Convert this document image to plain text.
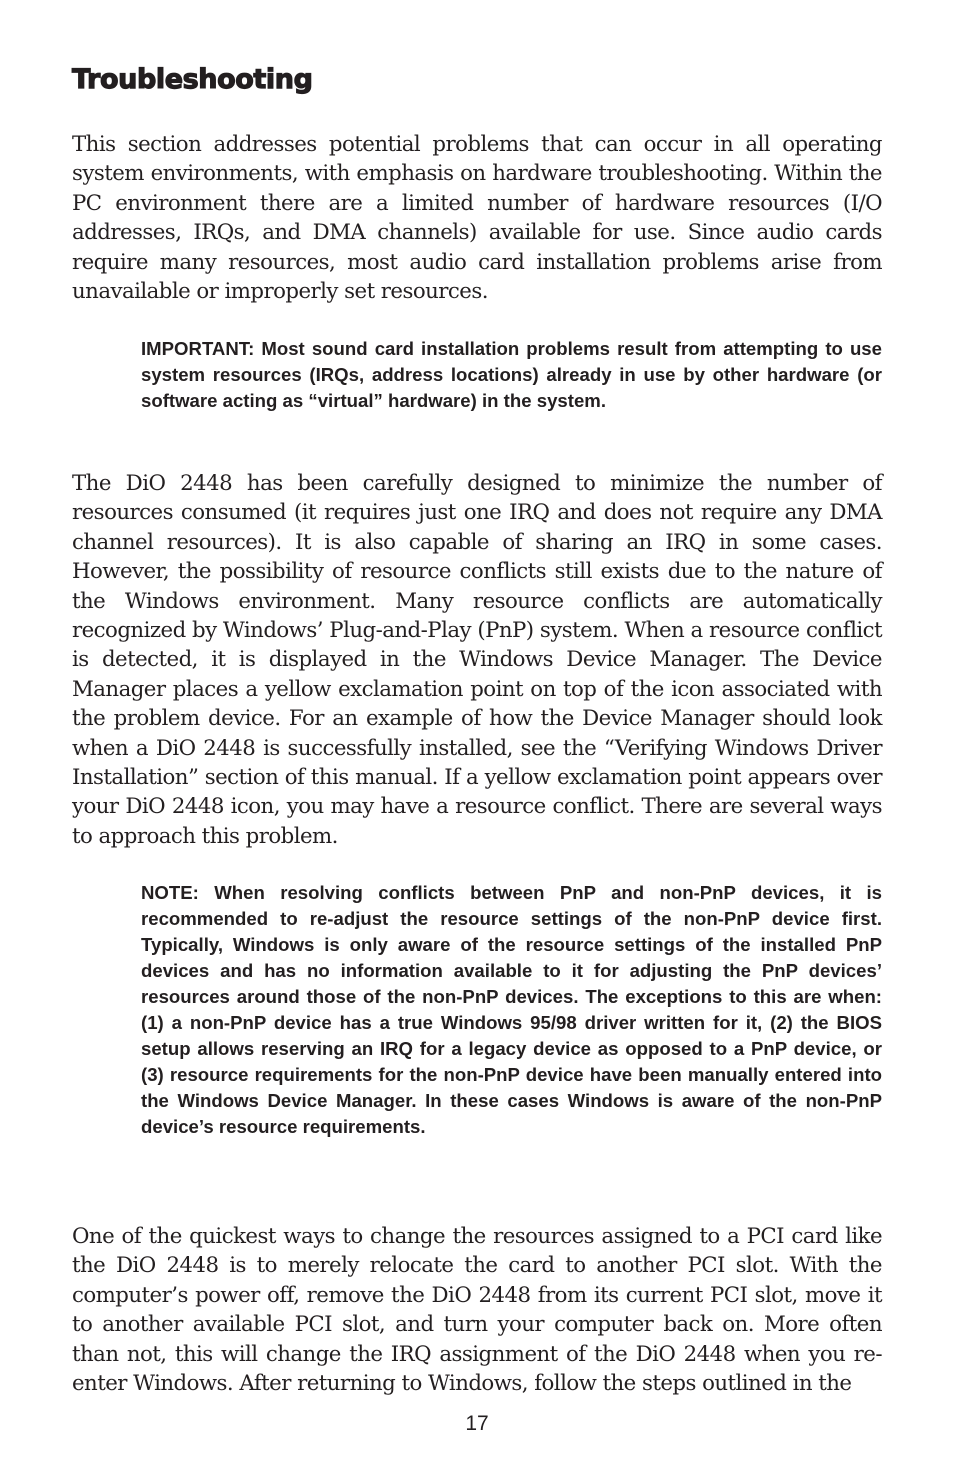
Troubleshooting

This section addresses potential problems that can occur in all operating system environments, with emphasis on hardware troubleshooting. Within the PC environment there are a limited number of hardware resources (I/O addresses, IRQs, and DMA channels) available for use. Since audio cards require many resources, most audio card installation problems arise from unavailable or improperly set resources.

IMPORTANT: Most sound card installation problems result from attempting to use system resources (IRQs, address locations) already in use by other hardware (or software acting as “virtual” hardware) in the system.

The DiO 2448 has been carefully designed to minimize the number of resources consumed (it requires just one IRQ and does not require any DMA channel resources). It is also capable of sharing an IRQ in some cases. However, the possibility of resource conflicts still exists due to the nature of the Windows environment. Many resource conflicts are automatically recognized by Windows’ Plug-and-Play (PnP) system. When a resource conflict is detected, it is displayed in the Windows Device Manager. The Device Manager places a yellow exclamation point on top of the icon associated with the problem device. For an example of how the Device Manager should look when a DiO 2448 is successfully installed, see the “Verifying Windows Driver Installation” section of this manual. If a yellow exclamation point appears over your DiO 2448 icon, you may have a resource conflict. There are several ways to approach this problem.

NOTE: When resolving conflicts between PnP and non-PnP devices, it is recommended to re-adjust the resource settings of the non-PnP device first. Typically, Windows is only aware of the resource settings of the installed PnP devices and has no information available to it for adjusting the PnP devices’ resources around those of the non-PnP devices. The exceptions to this are when: (1) a non-PnP device has a true Windows 95/98 driver written for it, (2) the BIOS setup allows reserving an IRQ for a legacy device as opposed to a PnP device, or (3) resource requirements for the non-PnP device have been manually entered into the Windows Device Manager. In these cases Windows is aware of the non-PnP device’s resource requirements.

One of the quickest ways to change the resources assigned to a PCI card like the DiO 2448 is to merely relocate the card to another PCI slot. With the computer’s power off, remove the DiO 2448 from its current PCI slot, move it to another available PCI slot, and turn your computer back on. More often than not, this will change the IRQ assignment of the DiO 2448 when you re-enter Windows. After returning to Windows, follow the steps outlined in the

17
